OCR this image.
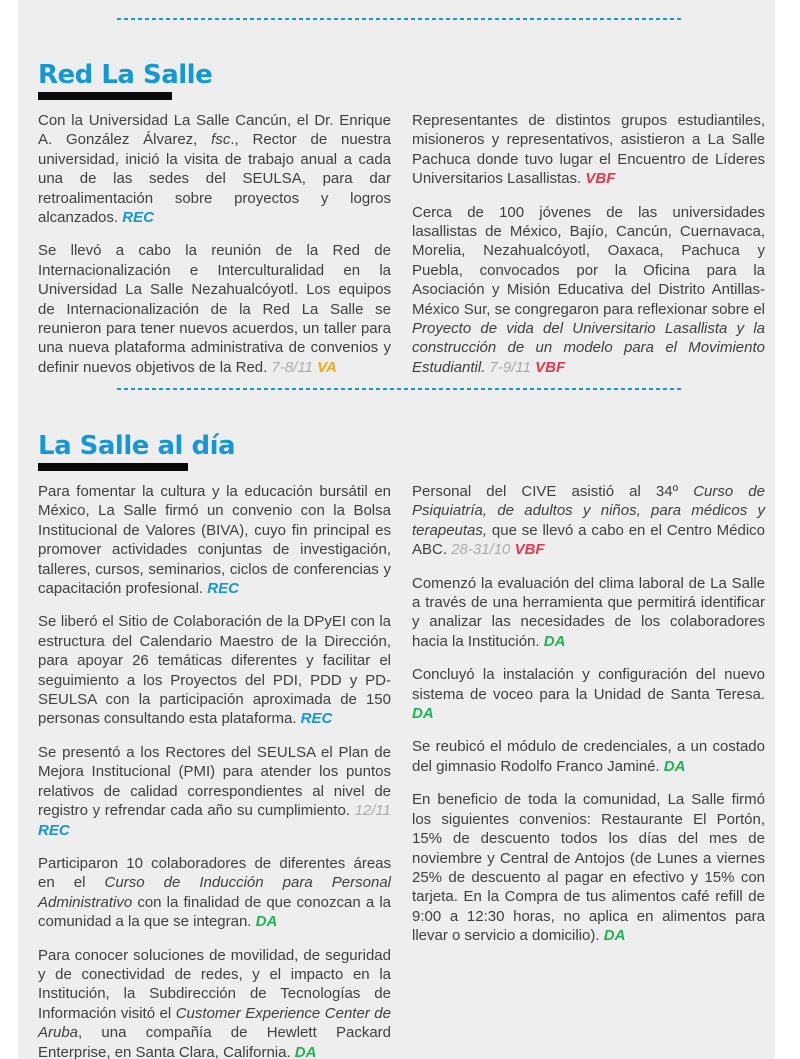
Red La Salle

Con la Universidad La Salle Cancún, el Dr. Enrique A. González Álvarez, fsc., Rector de nuestra universidad, inició la visita de trabajo anual a cada una de las sedes del SEULSA, para dar retroalimentación sobre proyectos y logros alcanzados. REC

Se llevó a cabo la reunión de la Red de Internacionalización e Interculturalidad en la Universidad La Salle Nezahualcóyotl. Los equipos de Internacionalización de la Red La Salle se reunieron para tener nuevos acuerdos, un taller para una nueva plataforma administrativa de convenios y definir nuevos objetivos de la Red. 7-8/11 VA

Representantes de distintos grupos estudiantiles, misioneros y representativos, asistieron a La Salle Pachuca donde tuvo lugar el Encuentro de Líderes Universitarios Lasallistas. VBF

Cerca de 100 jóvenes de las universidades lasallistas de México, Bajío, Cancún, Cuernavaca, Morelia, Nezahualcóyotl, Oaxaca, Pachuca y Puebla, convocados por la Oficina para la Asociación y Misión Educativa del Distrito Antillas-México Sur, se congregaron para reflexionar sobre el Proyecto de vida del Universitario Lasallista y la construcción de un modelo para el Movimiento Estudiantil. 7-9/11 VBF

La Salle al día

Para fomentar la cultura y la educación bursátil en México, La Salle firmó un convenio con la Bolsa Institucional de Valores (BIVA), cuyo fin principal es promover actividades conjuntas de investigación, talleres, cursos, seminarios, ciclos de conferencias y capacitación profesional. REC

Se liberó el Sitio de Colaboración de la DPyEI con la estructura del Calendario Maestro de la Dirección, para apoyar 26 temáticas diferentes y facilitar el seguimiento a los Proyectos del PDI, PDD y PD-SEULSA con la participación aproximada de 150 personas consultando esta plataforma. REC

Se presentó a los Rectores del SEULSA el Plan de Mejora Institucional (PMI) para atender los puntos relativos de calidad correspondientes al nivel de registro y refrendar cada año su cumplimiento. 12/11 REC

Participaron 10 colaboradores de diferentes áreas en el Curso de Inducción para Personal Administrativo con la finalidad de que conozcan a la comunidad a la que se integran. DA

Para conocer soluciones de movilidad, de seguridad y de conectividad de redes, y el impacto en la Institución, la Subdirección de Tecnologías de Información visitó el Customer Experience Center de Aruba, una compañía de Hewlett Packard Enterprise, en Santa Clara, California. DA

Personal del CIVE asistió al 34º Curso de Psiquiatría, de adultos y niños, para médicos y terapeutas, que se llevó a cabo en el Centro Médico ABC. 28-31/10 VBF

Comenzó la evaluación del clima laboral de La Salle a través de una herramienta que permitirá identificar y analizar las necesidades de los colaboradores hacia la Institución. DA

Concluyó la instalación y configuración del nuevo sistema de voceo para la Unidad de Santa Teresa. DA

Se reubicó el módulo de credenciales, a un costado del gimnasio Rodolfo Franco Jaminé. DA

En beneficio de toda la comunidad, La Salle firmó los siguientes convenios: Restaurante El Portón, 15% de descuento todos los días del mes de noviembre y Central de Antojos (de Lunes a viernes 25% de descuento al pagar en efectivo y 15% con tarjeta. En la Compra de tus alimentos café refill de 9:00 a 12:30 horas, no aplica en alimentos para llevar o servicio a domicilio). DA
